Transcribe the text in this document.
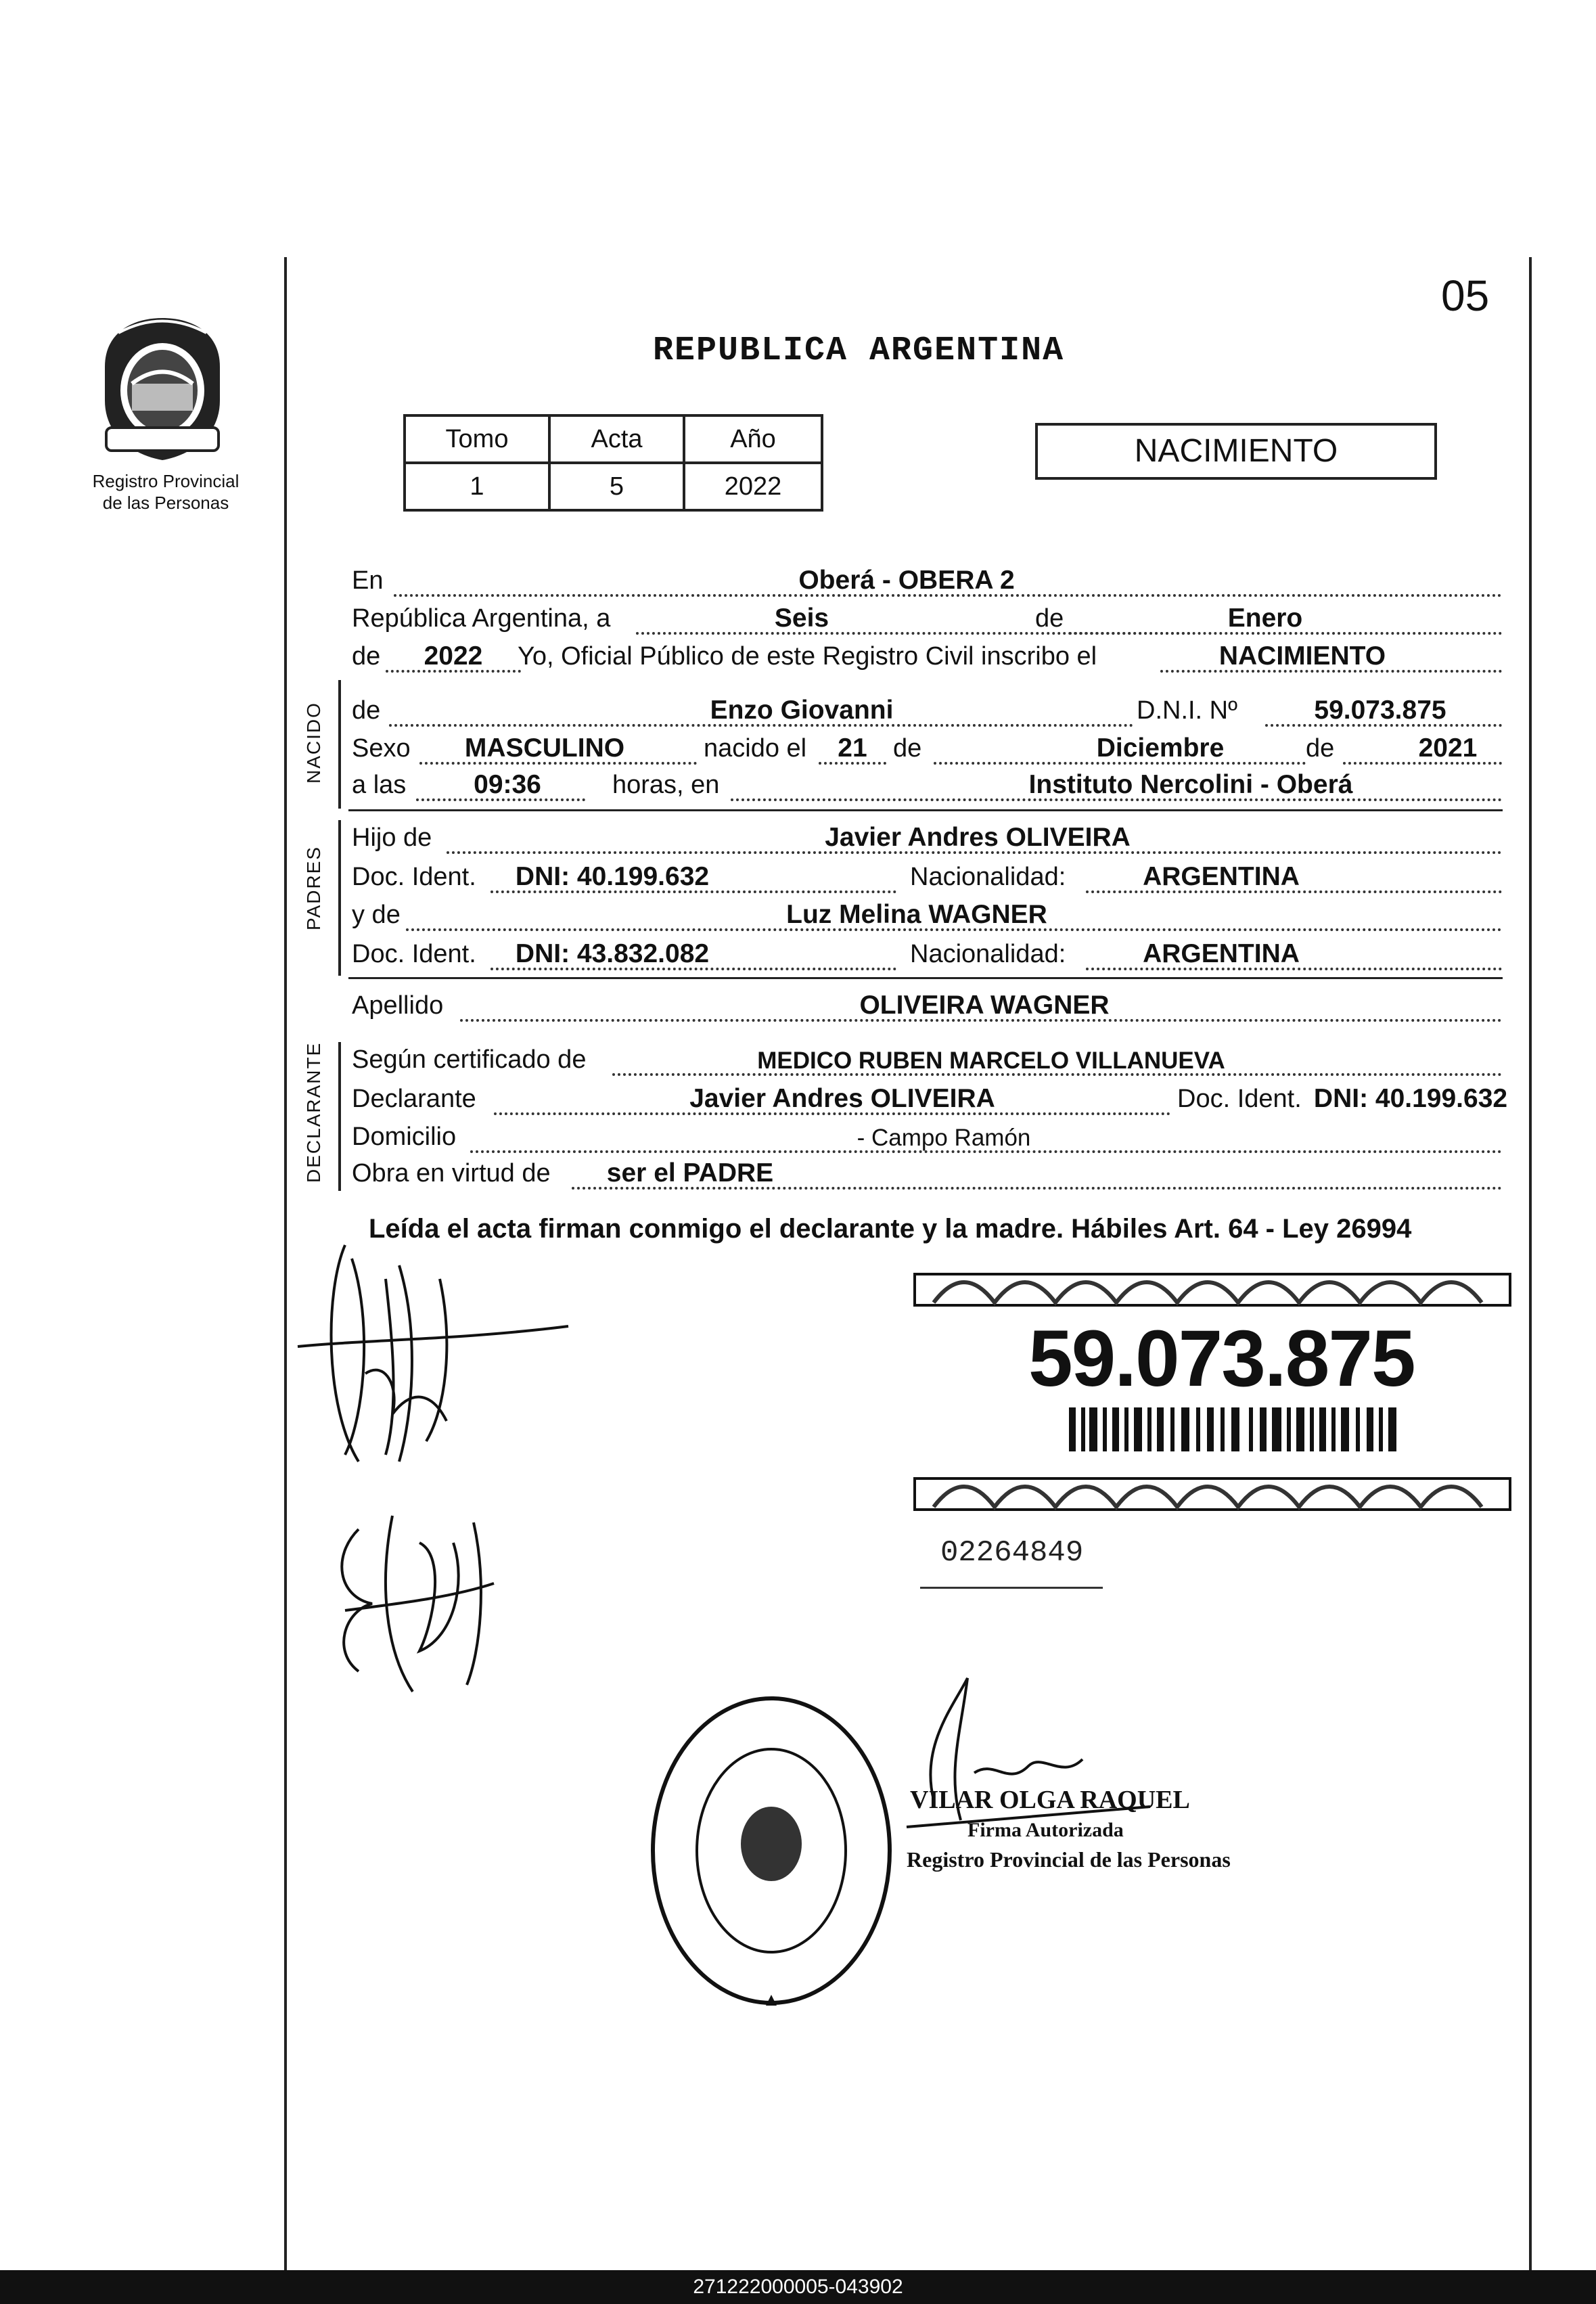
05
Registro Provincial
de las Personas
REPUBLICA ARGENTINA
Tomo	Acta	Año
1	5	2022
NACIMIENTO
En	Oberá - OBERA 2
República Argentina, a	Seis	de	Enero
de 2022 Yo, Oficial Público de este Registro Civil inscribo el	NACIMIENTO
NACIDO de	Enzo Giovanni	D.N.I. Nº	59.073.875
Sexo MASCULINO	nacido el 21 de	Diciembre	de	2021
a las	09:36	horas, en	Instituto Nercolini - Oberá
PADRES
Hijo de	Javier Andres OLIVEIRA
Doc. Ident. DNI: 40.199.632	Nacionalidad:	ARGENTINA
y de	Luz Melina WAGNER
Doc. Ident. DNI: 43.832.082	Nacionalidad:	ARGENTINA
Apellido	OLIVEIRA WAGNER
DECLARANTE Según certificado de	MEDICO RUBEN MARCELO VILLANUEVA
Declarante	Javier Andres OLIVEIRA	Doc. Ident. DNI: 40.199.632
Domicilio	- Campo Ramón
Obra en virtud de ser el PADRE
Leída el acta firman conmigo el declarante y la madre. Hábiles Art. 64 - Ley 26994
59.073.875
02264849
VILAR OLGA RAQUEL
Firma Autorizada
Registro Provincial de las Personas
271222000005-043902
